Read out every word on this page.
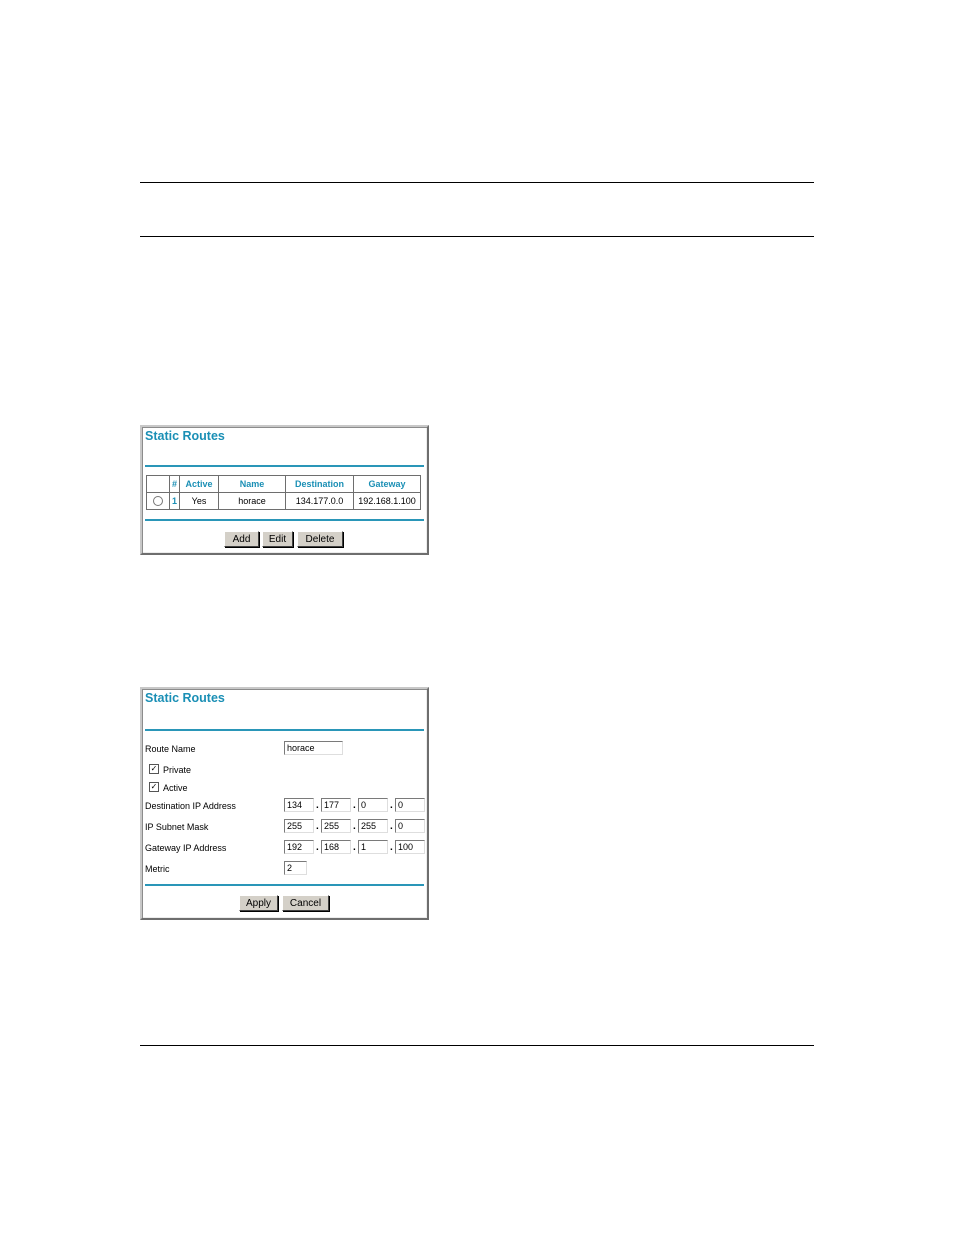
Static Routes
	#	Active	Name	Destination	Gateway
	1	Yes	horace	134.177.0.0	192.168.1.100
Add	Edit	Delete
Static Routes
Route Name	horace
✓ Private
✓ Active
Destination IP Address	134	. 177	. 0	. 0
IP Subnet Mask	255	. 255	. 255	. 0
Gateway IP Address	192	. 168	. 1	. 100
Metric	2
Apply	Cancel
